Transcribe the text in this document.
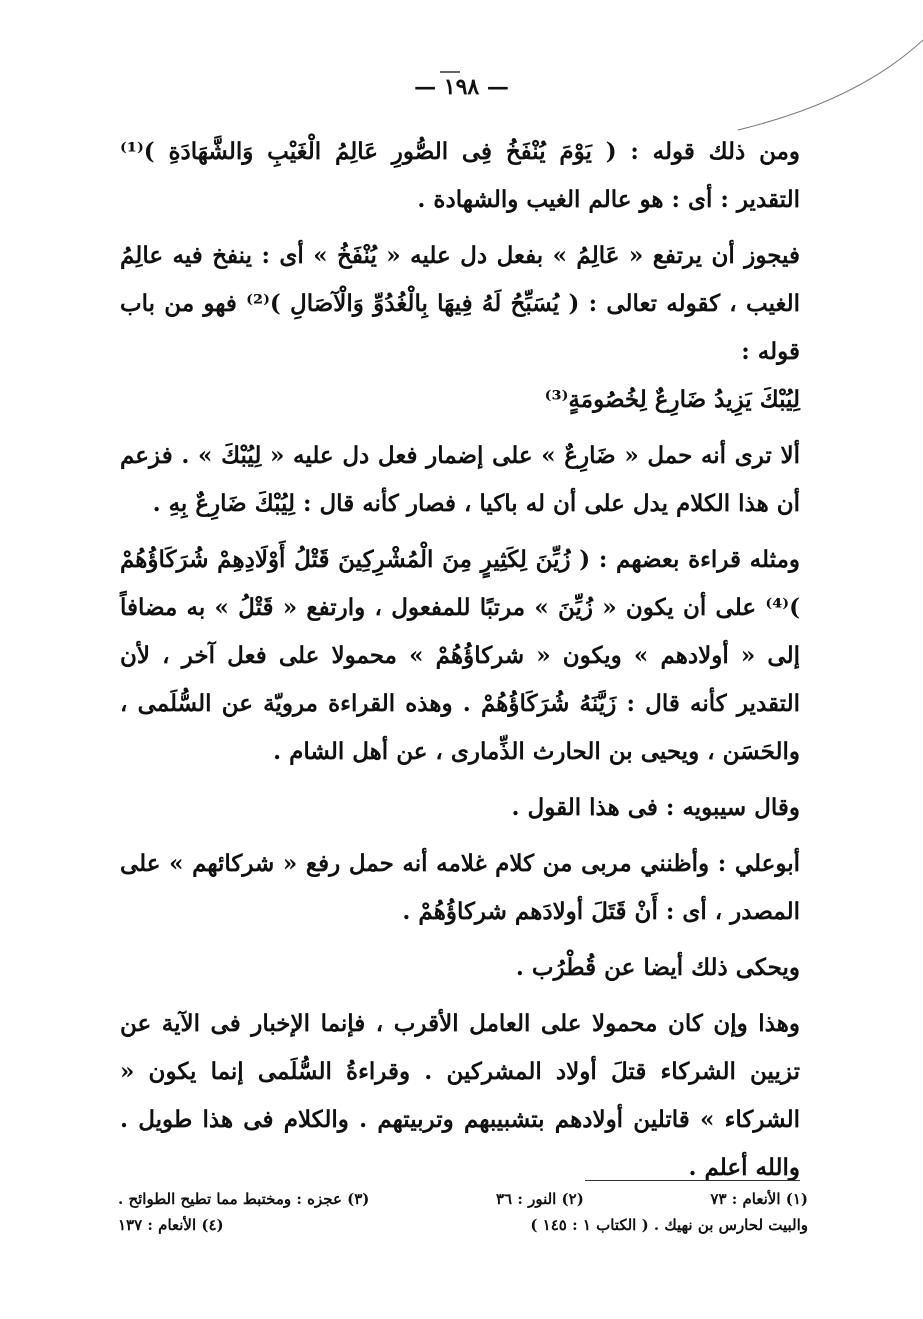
— ١٩٨ —

ومن ذلك قوله : ( يَوْمَ يُنْفَخُ فِى الصُّورِ عَالِمُ الْغَيْبِ وَالشَّهَادَةِ )⁽¹⁾ التقدير : أى : هو عالم الغيب والشهادة .

فيجوز أن يرتفع « عَالِمُ » بفعل دل عليه « يُنْفَخُ » أى : ينفخ فيه عالِمُ الغيب ، كقوله تعالى : ( يُسَبِّحُ لَهُ فِيهَا بِالْغُدُوِّ وَالْآصَالِ )⁽²⁾ فهو من باب قوله :

لِيُبْكَ يَزِيدُ ضَارِعٌ لِخُصُومَةٍ⁽³⁾

ألا ترى أنه حمل « ضَارِعٌ » على إضمار فعل دل عليه « لِيُبْكَ » . فزعم أن هذا الكلام يدل على أن له باكيا ، فصار كأنه قال : لِيُبْكَ ضَارِعٌ بِهِ .

ومثله قراءة بعضهم : ( زُيِّنَ لِكَثِيرٍ مِنَ الْمُشْرِكِينَ قَتْلُ أَوْلَادِهِمْ شُرَكَاؤُهُمْ )⁽⁴⁾ على أن يكون « زُيِّنَ » مرتبًا للمفعول ، وارتفع « قَتْلُ » به مضافاً إلى « أولادهم » ويكون « شركاؤُهُمْ » محمولا على فعل آخر ، لأن التقدير كأنه قال : زَيَّنَهُ شُرَكَاؤُهُمْ . وهذه القراءة مرويّة عن السُّلَمى ، والحَسَن ، ويحيى بن الحارث الذِّمارى ، عن أهل الشام .

وقال سيبويه : فى هذا القول .

أبوعلي : وأظنني مربى من كلام غلامه أنه حمل رفع « شركائهم » على المصدر ، أى : أَنْ قَتَلَ أولادَهم شركاؤُهُمْ .

ويحكى ذلك أيضا عن قُطْرُب .

وهذا وإن كان محمولا على العامل الأقرب ، فإنما الإخبار فى الآية عن تزيين الشركاء قتلَ أولاد المشركين . وقراءةُ السُّلَمى إنما يكون « الشركاء » قاتلين أولادهم بتشبيبهم وتربيتهم . والكلام فى هذا طويل . والله أعلم .

(١) الأنعام : ٧٣
(٢) النور : ٣٦
(٣) عجزه : ومختبط مما تطيح الطوائح .
والبيت لحارس بن نهيك . ( الكتاب ١ : ١٤٥ )
(٤) الأنعام : ١٣٧
